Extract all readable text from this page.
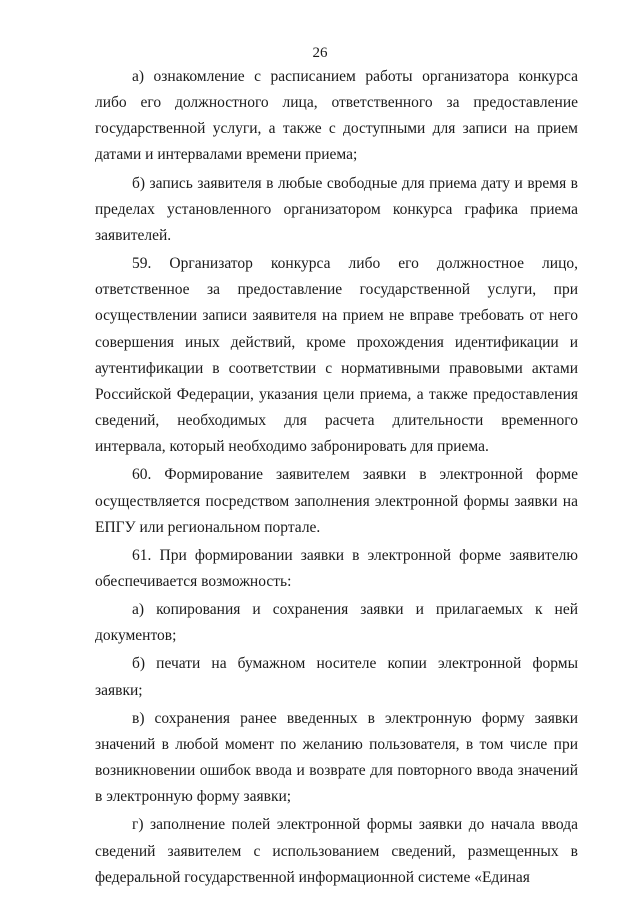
26

а) ознакомление с расписанием работы организатора конкурса либо его должностного лица, ответственного за предоставление государственной услуги, а также с доступными для записи на прием датами и интервалами времени приема;

б) запись заявителя в любые свободные для приема дату и время в пределах установленного организатором конкурса графика приема заявителей.

59. Организатор конкурса либо его должностное лицо, ответственное за предоставление государственной услуги, при осуществлении записи заявителя на прием не вправе требовать от него совершения иных действий, кроме прохождения идентификации и аутентификации в соответствии с нормативными правовыми актами Российской Федерации, указания цели приема, а также предоставления сведений, необходимых для расчета длительности временного интервала, который необходимо забронировать для приема.

60. Формирование заявителем заявки в электронной форме осуществляется посредством заполнения электронной формы заявки на ЕПГУ или региональном портале.

61. При формировании заявки в электронной форме заявителю обеспечивается возможность:

а) копирования и сохранения заявки и прилагаемых к ней документов;

б) печати на бумажном носителе копии электронной формы заявки;

в) сохранения ранее введенных в электронную форму заявки значений в любой момент по желанию пользователя, в том числе при возникновении ошибок ввода и возврате для повторного ввода значений в электронную форму заявки;

г) заполнение полей электронной формы заявки до начала ввода сведений заявителем с использованием сведений, размещенных в федеральной государственной информационной системе «Единая
